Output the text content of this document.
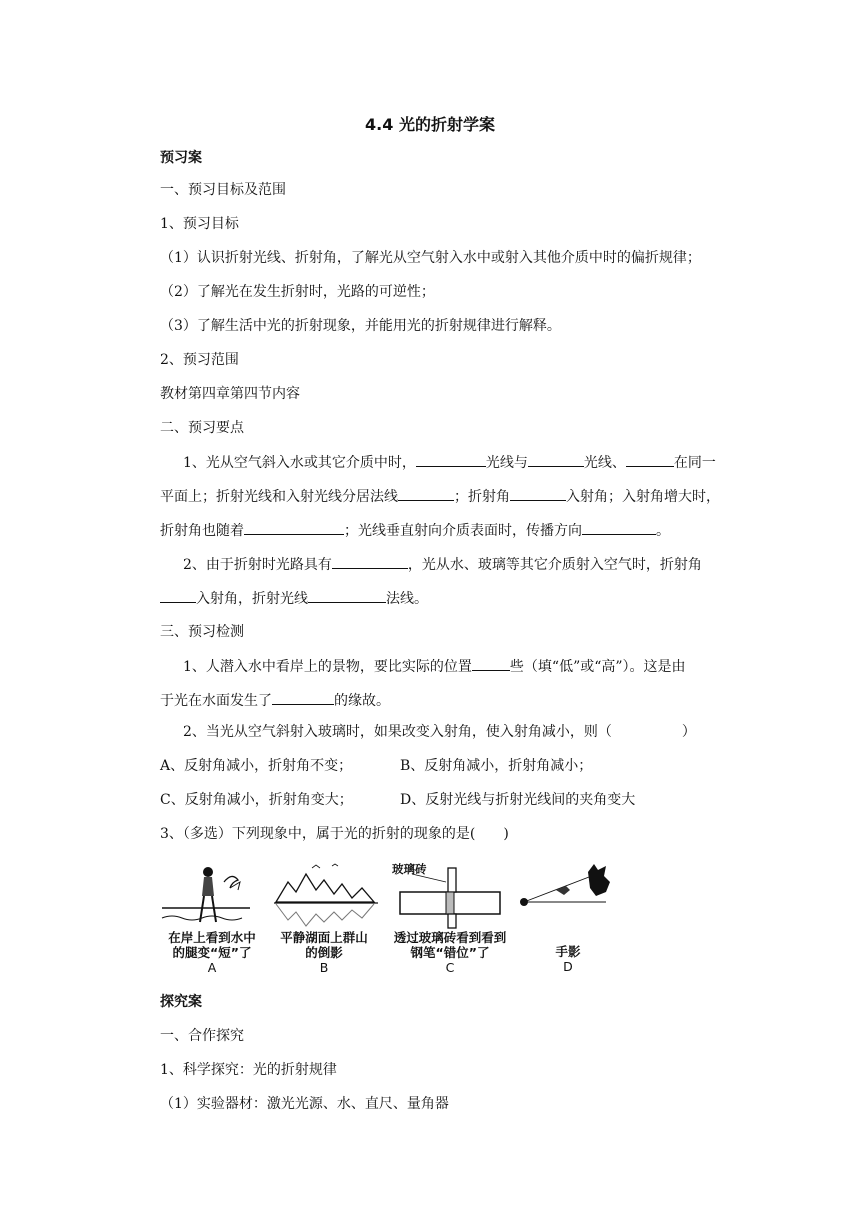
4.4 光的折射学案
预习案
一、预习目标及范围
1、预习目标
（1）认识折射光线、折射角，了解光从空气射入水中或射入其他介质中时的偏折规律；
（2）了解光在发生折射时，光路的可逆性；
（3）了解生活中光的折射现象，并能用光的折射规律进行解释。
2、预习范围
教材第四章第四节内容
二、预习要点
1、光从空气斜入水或其它介质中时，	光线与	光线、	在同一
平面上；折射光线和入射光线分居法线	；折射角	入射角；入射角增大时，
折射角也随着	；光线垂直射向介质表面时，传播方向	。
2、由于折射时光路具有	，光从水、玻璃等其它介质射入空气时，折射角
入射角，折射光线	法线。
三、预习检测
1、人潜入水中看岸上的景物，要比实际的位置	些（填“低”或“高”）。这是由
于光在水面发生了	的缘故。
2、当光从空气斜射入玻璃时，如果改变入射角，使入射角减小，则（　　　　　）
A、反射角减小，折射角不变；	B、反射角减小，折射角减小；
C、反射角减小，折射角变大；	D、反射光线与折射光线间的夹角变大
3、（多选）下列现象中，属于光的折射的现象的是(　　)
在岸上看到水中
的腿变“短”了
A
平静湖面上群山
的倒影
B
玻璃砖
透过玻璃砖看到看到
钢笔“错位”了
C
手影
D
探究案
一、合作探究
1、科学探究：光的折射规律
（1）实验器材：激光光源、水、直尺、量角器
